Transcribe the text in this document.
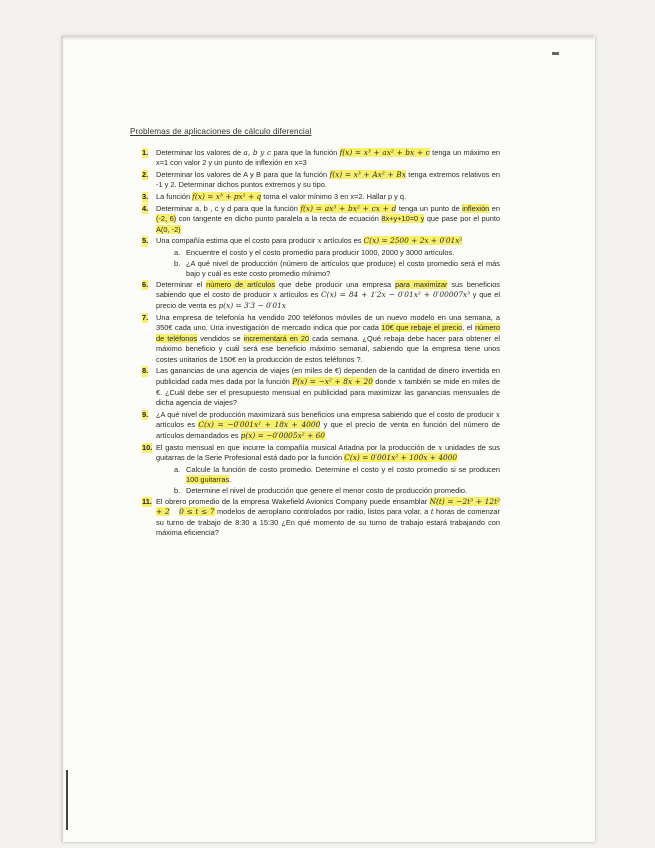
Problemas de aplicaciones de cálculo diferencial
1. Determinar los valores de a, b y c para que la función f(x) = x³ + ax² + bx + c tenga un máximo en x=1 con valor 2 y un punto de inflexión en x=3
2. Determinar los valores de A y B para que la función f(x) = x³ + Ax² + Bx tenga extremos relativos en -1 y 2. Determinar dichos puntos extremos y su tipo.
3. La función f(x) = x³ + px² + q toma el valor mínimo 3 en x=2. Hallar p y q.
4. Determinar a, b , c y d para que la función f(x) = ax³ + bx² + cx + d tenga un punto de inflexión en (-2, 6) con tangente en dicho punto paralela a la recta de ecuación 8x+y+10=0 y que pase por el punto A(0, -2)
5. Una compañía estima que el costo para producir x artículos es C(x) = 2500 + 2x + 0′01x²
a. Encuentre el costo y el costo promedio para producir 1000, 2000 y 3000 artículos.
b. ¿A qué nivel de producción (número de artículos que produce) el costo promedio será el más bajo y cuál es este costo promedio mínimo?
6. Determinar el número de artículos que debe producir una empresa para maximizar sus beneficios sabiendo que el costo de producir x artículos es C(x) = 84 + 1′2x − 0′01x² + 0′00007x³ y que el precio de venta es p(x) = 3′3 − 0′01x
7. Una empresa de telefonía ha vendido 200 teléfonos móviles de un nuevo modelo en una semana, a 350€ cada uno. Una investigación de mercado indica que por cada 10€ que rebaje el precio, el número de teléfonos vendidos se incrementará en 20 cada semana. ¿Qué rebaja debe hacer para obtener el máximo beneficio y cuál será ese beneficio máximo semanal, sabiendo que la empresa tiene unos costes unitarios de 150€ en la producción de estos teléfonos ?.
8. Las ganancias de una agencia de viajes (en miles de €) dependen de la cantidad de dinero invertida en publicidad cada mes dada por la función P(x) = −x² + 8x + 20 donde x también se mide en miles de €. ¿Cuál debe ser el presupuesto mensual en publicidad para maximizar las ganancias mensuales de dicha agencia de viajes?
9. ¿A qué nivel de producción maximizará sus beneficios una empresa sabiendo que el costo de producir x artículos es C(x) = −0′001x² + 18x + 4000 y que el precio de venta en función del número de artículos demandados es p(x) = −0′0005x² + 60
10. El gasto mensual en que incurre la compañía musical Ariadna por la producción de x unidades de sus guitarras de la Serie Profesional está dado por la función C(x) = 0′001x² + 100x + 4000
a. Calcule la función de costo promedio. Determine el costo y el costo promedio si se producen 100 guitarras.
b. Determine el nivel de producción que genere el menor costo de producción promedio.
11. El obrero promedio de la empresa Wakefield Avionics Company puede ensamblar N(t) = −2t³ + 12t² + 2 0 ≤ t ≤ 7 modelos de aeroplano controlados por radio, listos para volar, a t horas de comenzar su turno de trabajo de 8:30 a 15:30 ¿En qué momento de su turno de trabajo estará trabajando con máxima eficiencia?
